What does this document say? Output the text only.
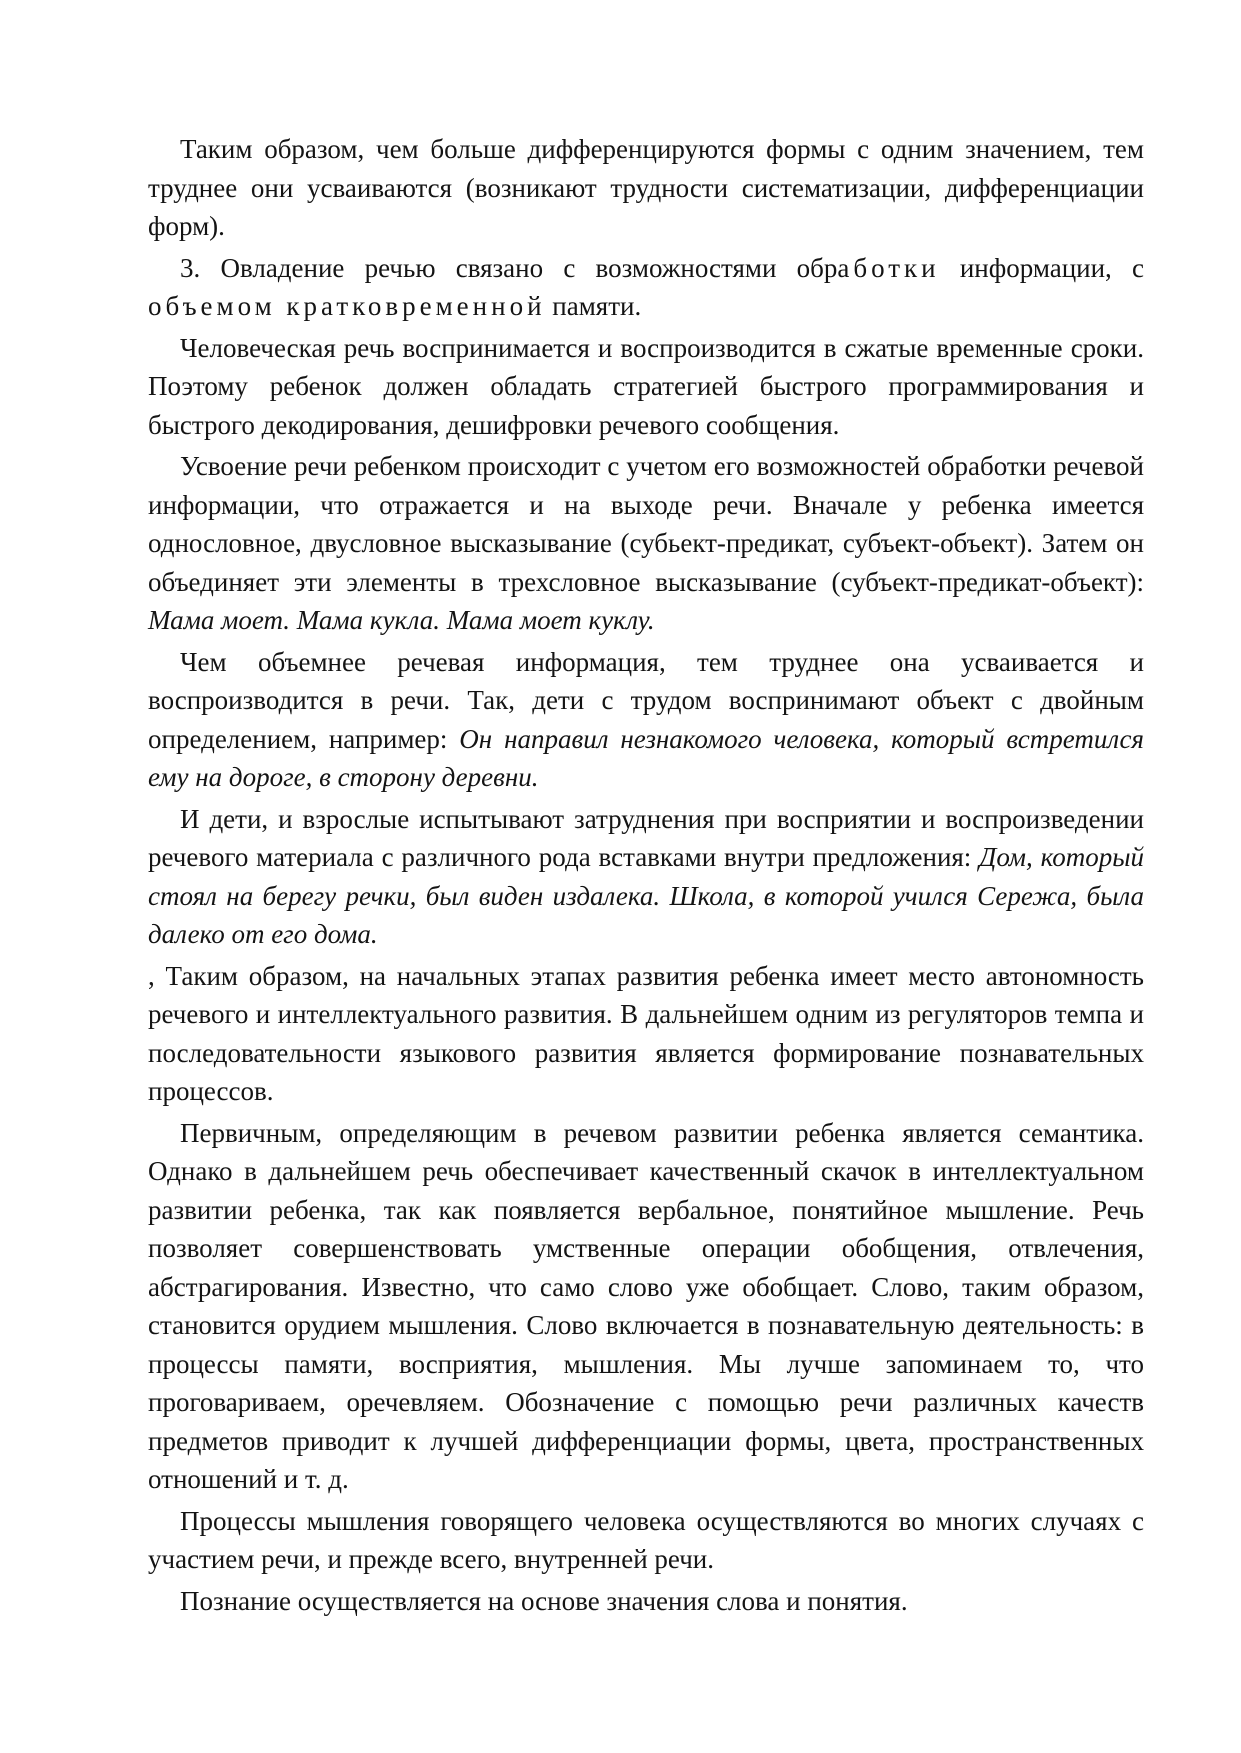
Таким образом, чем больше дифференцируются формы с одним значением, тем труднее они усваиваются (возникают трудности систематизации, дифференциации форм).

3. Овладение речью связано с возможностями обработки информации, с объемом кратковременной памяти.

Человеческая речь воспринимается и воспроизводится в сжатые временные сроки. Поэтому ребенок должен обладать стратегией быстрого программирования и быстрого декодирования, дешифровки речевого сообщения.

Усвоение речи ребенком происходит с учетом его возможностей обработки речевой информации, что отражается и на выходе речи. Вначале у ребенка имеется однословное, двусловное высказывание (субьект-предикат, субъект-объект). Затем он объединяет эти элементы в трехсловное высказывание (субъект-предикат-объект): Мама моет. Мама кукла. Мама моет куклу.

Чем объемнее речевая информация, тем труднее она усваивается и воспроизводится в речи. Так, дети с трудом воспринимают объект с двойным определением, например: Он направил незнакомого человека, который встретился ему на дороге, в сторону деревни.

И дети, и взрослые испытывают затруднения при восприятии и воспроизведении речевого материала с различного рода вставками внутри предложения: Дом, который стоял на берегу речки, был виден издалека. Школа, в которой учился Сережа, была далеко от его дома.

, Таким образом, на начальных этапах развития ребенка имеет место автономность речевого и интеллектуального развития. В дальнейшем одним из регуляторов темпа и последовательности языкового развития является формирование познавательных процессов.

Первичным, определяющим в речевом развитии ребенка является семантика. Однако в дальнейшем речь обеспечивает качественный скачок в интеллектуальном развитии ребенка, так как появляется вербальное, понятийное мышление. Речь позволяет совершенствовать умственные операции обобщения, отвлечения, абстрагирования. Известно, что само слово уже обобщает. Слово, таким образом, становится орудием мышления. Слово включается в познавательную деятельность: в процессы памяти, восприятия, мышления. Мы лучше запоминаем то, что проговариваем, оречевляем. Обозначение с помощью речи различных качеств предметов приводит к лучшей дифференциации формы, цвета, пространственных отношений и т. д.

Процессы мышления говорящего человека осуществляются во многих случаях с участием речи, и прежде всего, внутренней речи.

Познание осуществляется на основе значения слова и понятия.
